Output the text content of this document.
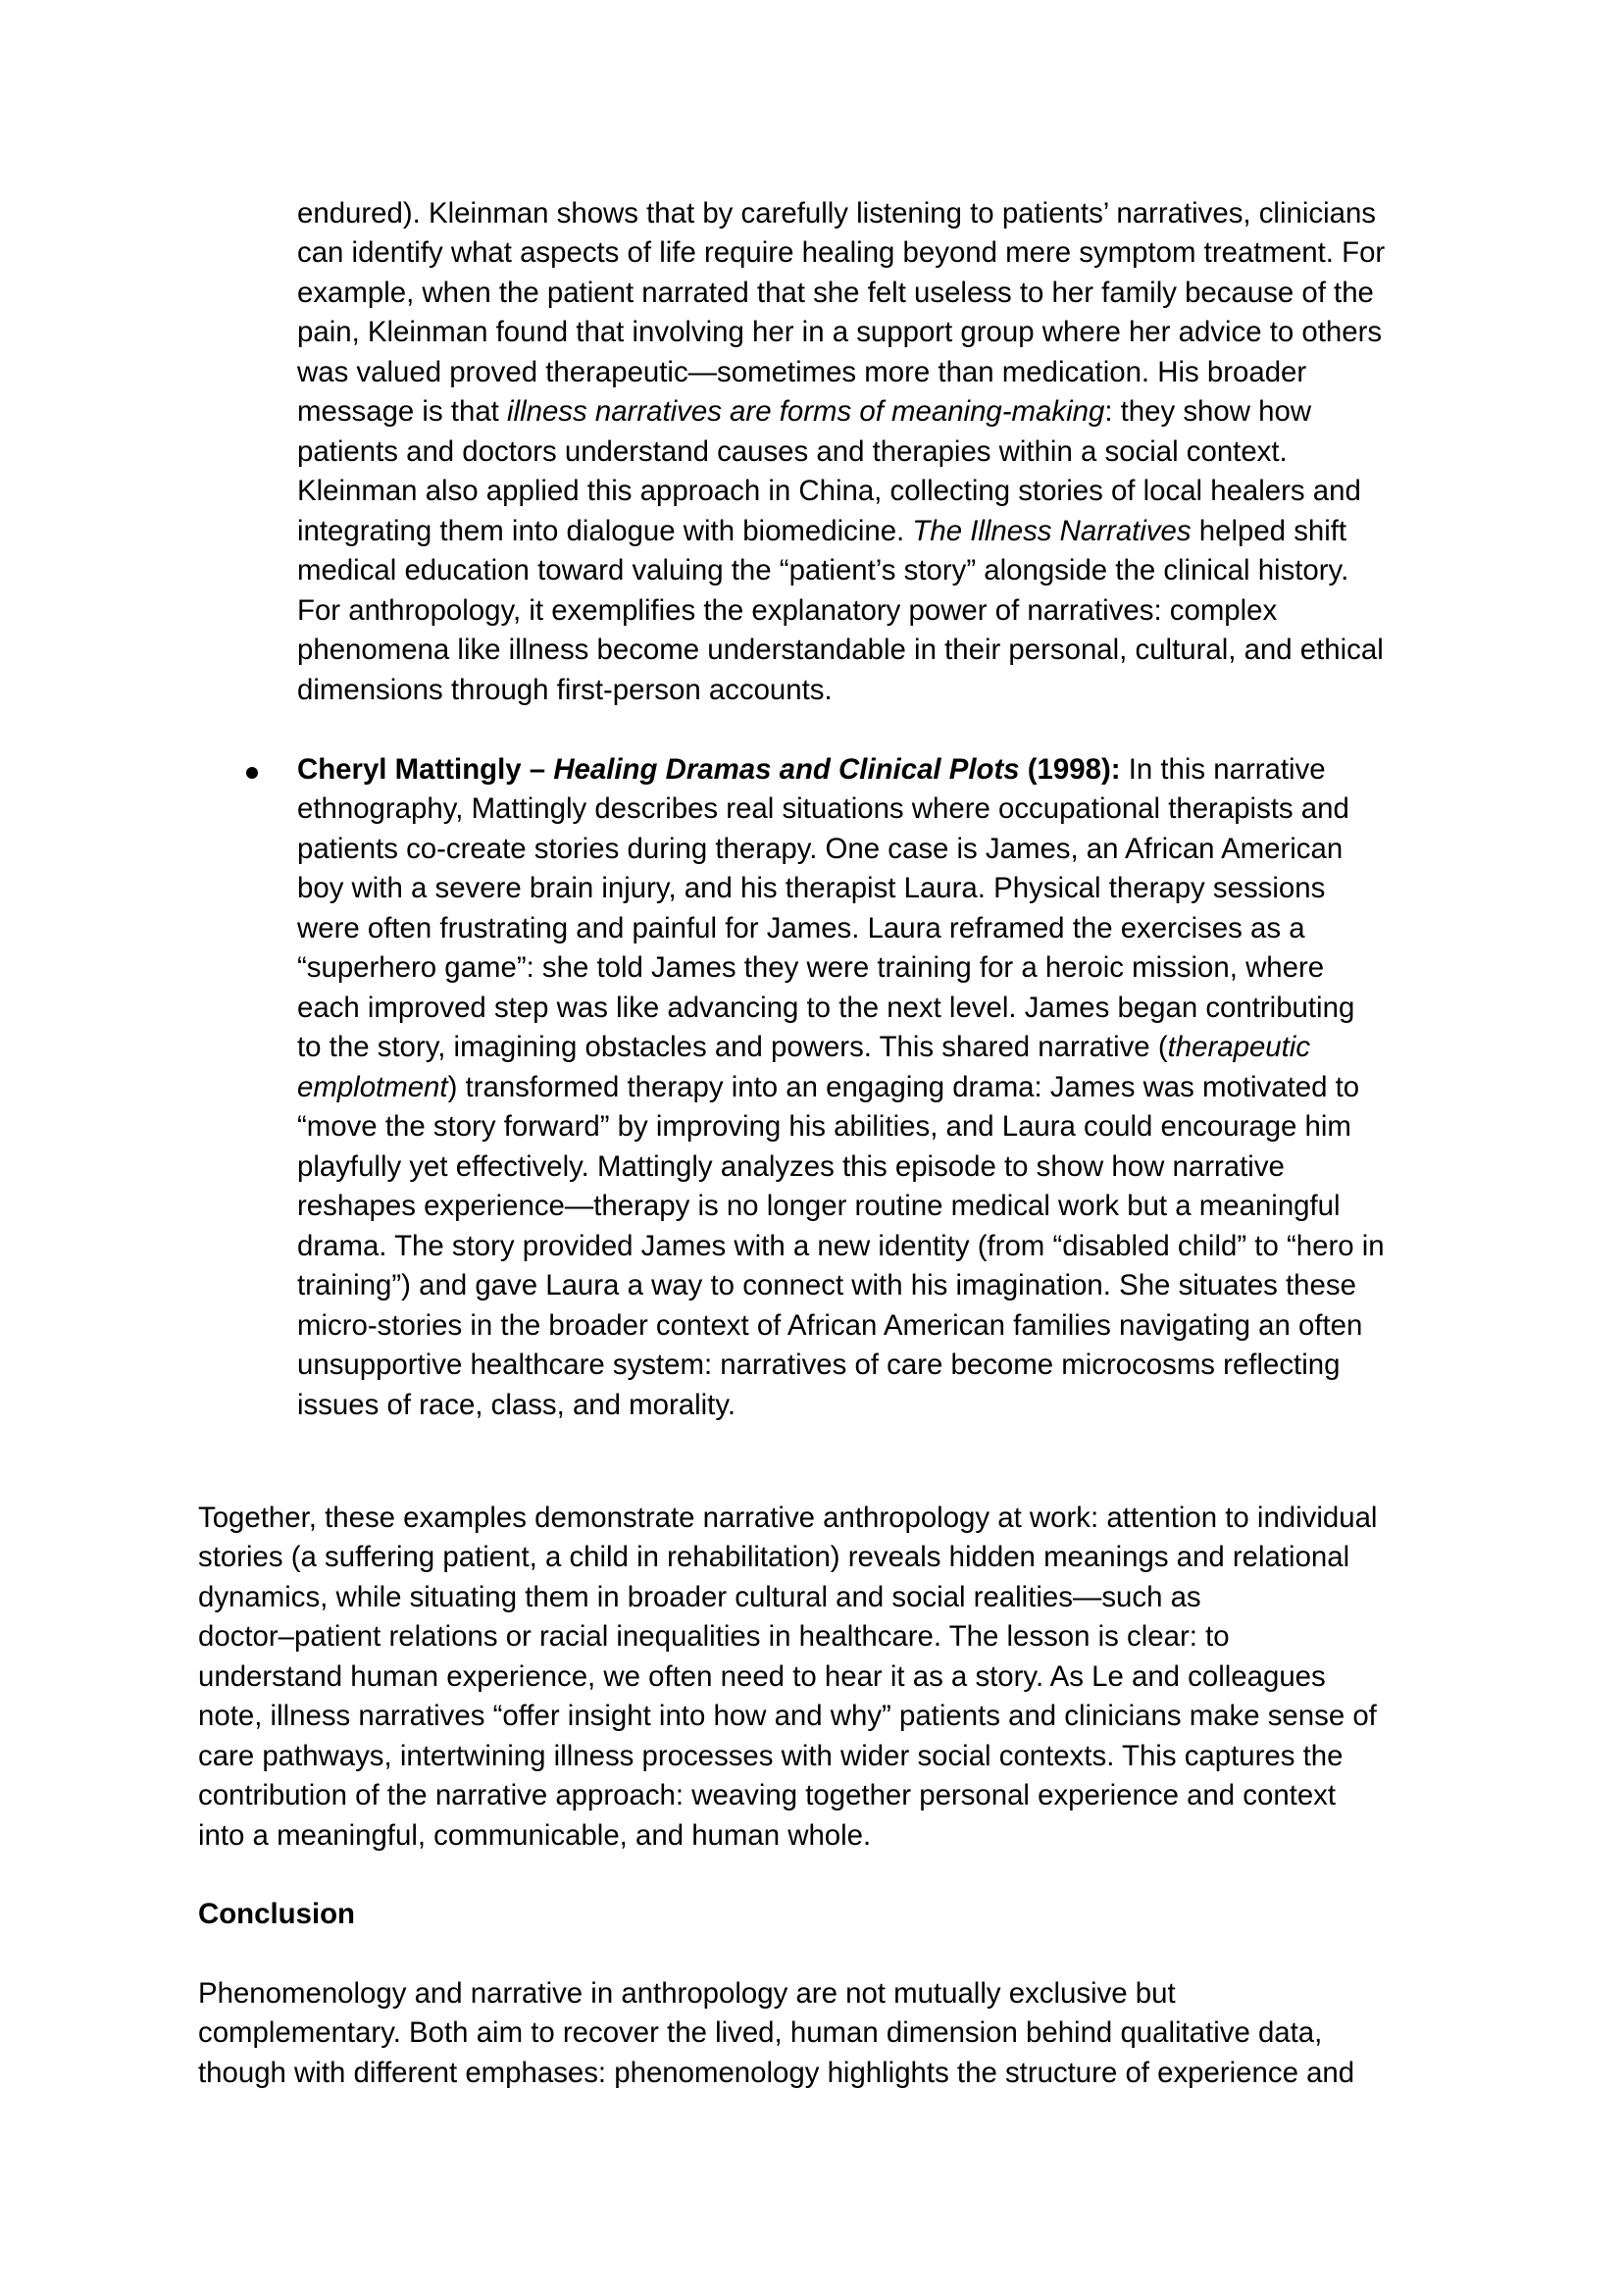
endured). Kleinman shows that by carefully listening to patients’ narratives, clinicians
can identify what aspects of life require healing beyond mere symptom treatment. For
example, when the patient narrated that she felt useless to her family because of the
pain, Kleinman found that involving her in a support group where her advice to others
was valued proved therapeutic—sometimes more than medication. His broader
message is that illness narratives are forms of meaning-making: they show how
patients and doctors understand causes and therapies within a social context.
Kleinman also applied this approach in China, collecting stories of local healers and
integrating them into dialogue with biomedicine. The Illness Narratives helped shift
medical education toward valuing the “patient’s story” alongside the clinical history.
For anthropology, it exemplifies the explanatory power of narratives: complex
phenomena like illness become understandable in their personal, cultural, and ethical
dimensions through first-person accounts.
Cheryl Mattingly – Healing Dramas and Clinical Plots (1998): In this narrative
ethnography, Mattingly describes real situations where occupational therapists and
patients co-create stories during therapy. One case is James, an African American
boy with a severe brain injury, and his therapist Laura. Physical therapy sessions
were often frustrating and painful for James. Laura reframed the exercises as a
“superhero game”: she told James they were training for a heroic mission, where
each improved step was like advancing to the next level. James began contributing
to the story, imagining obstacles and powers. This shared narrative (therapeutic
emplotment) transformed therapy into an engaging drama: James was motivated to
“move the story forward” by improving his abilities, and Laura could encourage him
playfully yet effectively. Mattingly analyzes this episode to show how narrative
reshapes experience—therapy is no longer routine medical work but a meaningful
drama. The story provided James with a new identity (from “disabled child” to “hero in
training”) and gave Laura a way to connect with his imagination. She situates these
micro-stories in the broader context of African American families navigating an often
unsupportive healthcare system: narratives of care become microcosms reflecting
issues of race, class, and morality.
Together, these examples demonstrate narrative anthropology at work: attention to individual
stories (a suffering patient, a child in rehabilitation) reveals hidden meanings and relational
dynamics, while situating them in broader cultural and social realities—such as
doctor–patient relations or racial inequalities in healthcare. The lesson is clear: to
understand human experience, we often need to hear it as a story. As Le and colleagues
note, illness narratives “offer insight into how and why” patients and clinicians make sense of
care pathways, intertwining illness processes with wider social contexts. This captures the
contribution of the narrative approach: weaving together personal experience and context
into a meaningful, communicable, and human whole.
Conclusion
Phenomenology and narrative in anthropology are not mutually exclusive but
complementary. Both aim to recover the lived, human dimension behind qualitative data,
though with different emphases: phenomenology highlights the structure of experience and
